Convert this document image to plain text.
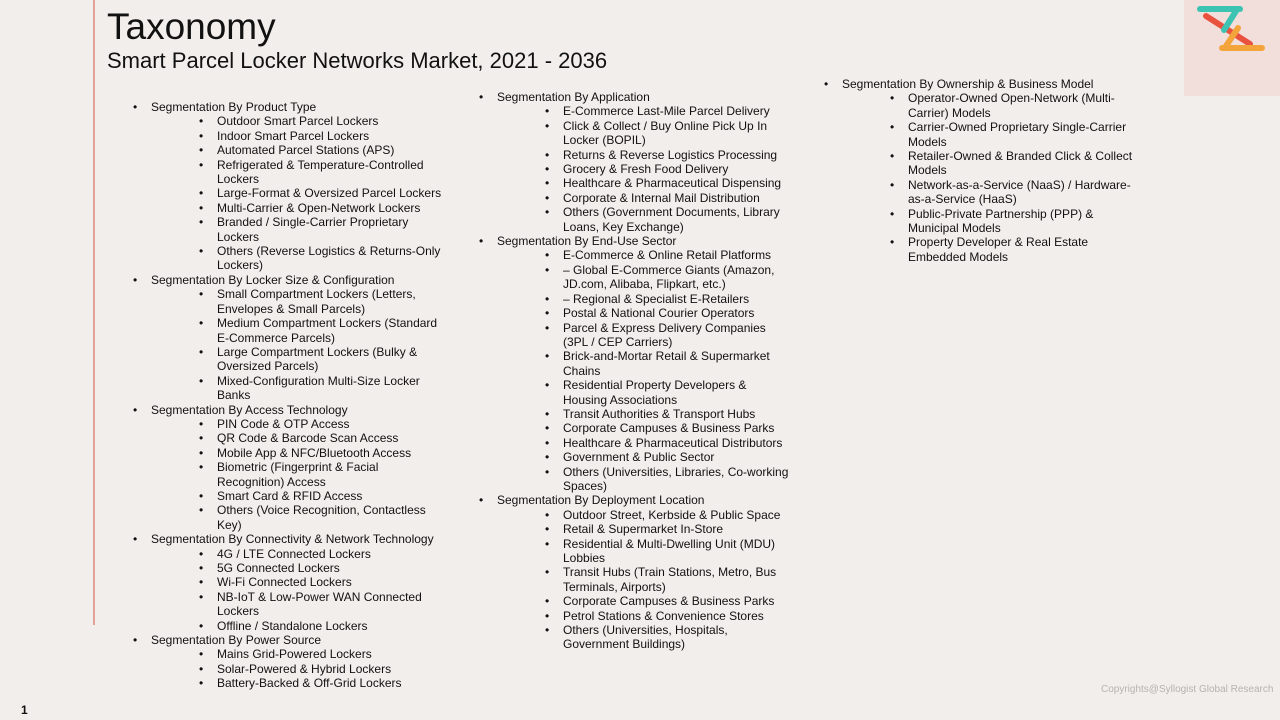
Taxonomy
Smart Parcel Locker Networks Market, 2021 - 2036
• Segmentation By Product Type
• Outdoor Smart Parcel Lockers
• Indoor Smart Parcel Lockers
• Automated Parcel Stations (APS)
• Refrigerated & Temperature-Controlled Lockers
• Large-Format & Oversized Parcel Lockers
• Multi-Carrier & Open-Network Lockers
• Branded / Single-Carrier Proprietary Lockers
• Others (Reverse Logistics & Returns-Only Lockers)
• Segmentation By Locker Size & Configuration
• Small Compartment Lockers (Letters, Envelopes & Small Parcels)
• Medium Compartment Lockers (Standard E-Commerce Parcels)
• Large Compartment Lockers (Bulky & Oversized Parcels)
• Mixed-Configuration Multi-Size Locker Banks
• Segmentation By Access Technology
• PIN Code & OTP Access
• QR Code & Barcode Scan Access
• Mobile App & NFC/Bluetooth Access
• Biometric (Fingerprint & Facial Recognition) Access
• Smart Card & RFID Access
• Others (Voice Recognition, Contactless Key)
• Segmentation By Connectivity & Network Technology
• 4G / LTE Connected Lockers
• 5G Connected Lockers
• Wi-Fi Connected Lockers
• NB-IoT & Low-Power WAN Connected Lockers
• Offline / Standalone Lockers
• Segmentation By Power Source
• Mains Grid-Powered Lockers
• Solar-Powered & Hybrid Lockers
• Battery-Backed & Off-Grid Lockers
• Segmentation By Application
• E-Commerce Last-Mile Parcel Delivery
• Click & Collect / Buy Online Pick Up In Locker (BOPIL)
• Returns & Reverse Logistics Processing
• Grocery & Fresh Food Delivery
• Healthcare & Pharmaceutical Dispensing
• Corporate & Internal Mail Distribution
• Others (Government Documents, Library Loans, Key Exchange)
• Segmentation By End-Use Sector
• E-Commerce & Online Retail Platforms
• – Global E-Commerce Giants (Amazon, JD.com, Alibaba, Flipkart, etc.)
• – Regional & Specialist E-Retailers
• Postal & National Courier Operators
• Parcel & Express Delivery Companies (3PL / CEP Carriers)
• Brick-and-Mortar Retail & Supermarket Chains
• Residential Property Developers & Housing Associations
• Transit Authorities & Transport Hubs
• Corporate Campuses & Business Parks
• Healthcare & Pharmaceutical Distributors
• Government & Public Sector
• Others (Universities, Libraries, Co-working Spaces)
• Segmentation By Deployment Location
• Outdoor Street, Kerbside & Public Space
• Retail & Supermarket In-Store
• Residential & Multi-Dwelling Unit (MDU) Lobbies
• Transit Hubs (Train Stations, Metro, Bus Terminals, Airports)
• Corporate Campuses & Business Parks
• Petrol Stations & Convenience Stores
• Others (Universities, Hospitals, Government Buildings)
• Segmentation By Ownership & Business Model
• Operator-Owned Open-Network (Multi-Carrier) Models
• Carrier-Owned Proprietary Single-Carrier Models
• Retailer-Owned & Branded Click & Collect Models
• Network-as-a-Service (NaaS) / Hardware-as-a-Service (HaaS)
• Public-Private Partnership (PPP) & Municipal Models
• Property Developer & Real Estate Embedded Models
Copyrights@Syllogist Global Research
1
